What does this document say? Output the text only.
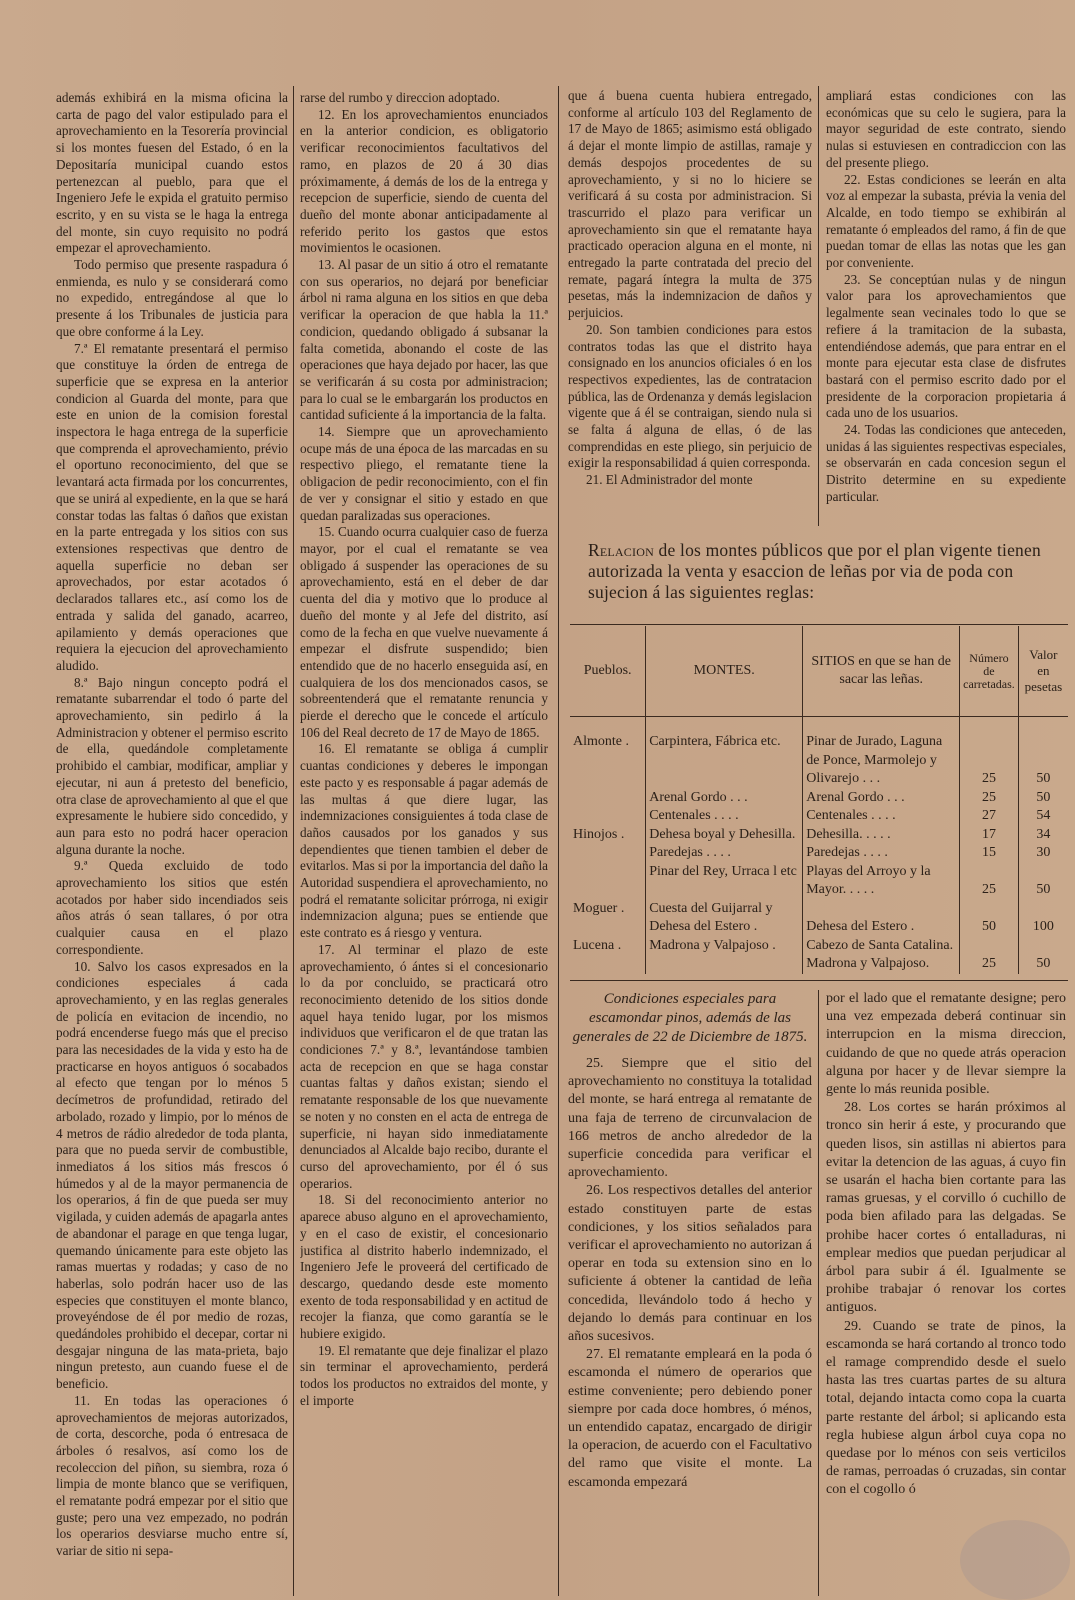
además exhibirá en la misma oficina la carta de pago del valor estipulado para el aprovechamiento en la Tesorería provincial si los montes fuesen del Estado, ó en la Depositaría municipal cuando estos pertenezcan al pueblo, para que el Ingeniero Jefe le expida el gratuito permiso escrito, y en su vista se le haga la entrega del monte, sin cuyo requisito no podrá empezar el aprovechamiento.

Todo permiso que presente raspadura ó enmienda, es nulo y se considerará como no expedido, entregándose al que lo presente á los Tribunales de justicia para que obre conforme á la Ley.

7.ª El rematante presentará el permiso que constituye la órden de entrega de superficie que se expresa en la anterior condicion al Guarda del monte, para que este en union de la comision forestal inspectora le haga entrega de la superficie que comprenda el aprovechamiento, prévio el oportuno reconocimiento, del que se levantará acta firmada por los concurrentes, que se unirá al expediente, en la que se hará constar todas las faltas ó daños que existan en la parte entregada y los sitios con sus extensiones respectivas que dentro de aquella superficie no deban ser aprovechados, por estar acotados ó declarados tallares etc., así como los de entrada y salida del ganado, acarreo, apilamiento y demás operaciones que requiera la ejecucion del aprovechamiento aludido.

8.ª Bajo ningun concepto podrá el rematante subarrendar el todo ó parte del aprovechamiento, sin pedirlo á la Administracion y obtener el permiso escrito de ella, quedándole completamente prohibido el cambiar, modificar, ampliar y ejecutar, ni aun á pretesto del beneficio, otra clase de aprovechamiento al que el que expresamente le hubiere sido concedido, y aun para esto no podrá hacer operacion alguna durante la noche.

9.ª Queda excluido de todo aprovechamiento los sitios que estén acotados por haber sido incendiados seis años atrás ó sean tallares, ó por otra cualquier causa en el plazo correspondiente.

10. Salvo los casos expresados en la condiciones especiales á cada aprovechamiento, y en las reglas generales de policía en evitacion de incendio, no podrá encenderse fuego más que el preciso para las necesidades de la vida y esto ha de practicarse en hoyos antiguos ó socabados al efecto que tengan por lo ménos 5 decímetros de profundidad, retirado del arbolado, rozado y limpio, por lo ménos de 4 metros de rádio alrededor de toda planta, para que no pueda servir de combustible, inmediatos á los sitios más frescos ó húmedos y al de la mayor permanencia de los operarios, á fin de que pueda ser muy vigilada, y cuiden además de apagarla antes de abandonar el parage en que tenga lugar, quemando únicamente para este objeto las ramas muertas y rodadas; y caso de no haberlas, solo podrán hacer uso de las especies que constituyen el monte blanco, proveyéndose de él por medio de rozas, quedándoles prohibido el decepar, cortar ni desgajar ninguna de las mata-prieta, bajo ningun pretesto, aun cuando fuese el de beneficio.

11. En todas las operaciones ó aprovechamientos de mejoras autorizados, de corta, descorche, poda ó entresaca de árboles ó resalvos, así como los de recoleccion del piñon, su siembra, roza ó limpia de monte blanco que se verifiquen, el rematante podrá empezar por el sitio que guste; pero una vez empezado, no podrán los operarios desviarse mucho entre sí, variar de sitio ni sepa-

rarse del rumbo y direccion adoptado.

12. En los aprovechamientos enunciados en la anterior condicion, es obligatorio verificar reconocimientos facultativos del ramo, en plazos de 20 á 30 dias próximamente, á demás de los de la entrega y recepcion de superficie, siendo de cuenta del dueño del monte abonar anticipadamente al referido perito los gastos que estos movimientos le ocasionen.

13. Al pasar de un sitio á otro el rematante con sus operarios, no dejará por beneficiar árbol ni rama alguna en los sitios en que deba verificar la operacion de que habla la 11.ª condicion, quedando obligado á subsanar la falta cometida, abonando el coste de las operaciones que haya dejado por hacer, las que se verificarán á su costa por administracion; para lo cual se le embargarán los productos en cantidad suficiente á la importancia de la falta.

14. Siempre que un aprovechamiento ocupe más de una época de las marcadas en su respectivo pliego, el rematante tiene la obligacion de pedir reconocimiento, con el fin de ver y consignar el sitio y estado en que quedan paralizadas sus operaciones.

15. Cuando ocurra cualquier caso de fuerza mayor, por el cual el rematante se vea obligado á suspender las operaciones de su aprovechamiento, está en el deber de dar cuenta del dia y motivo que lo produce al dueño del monte y al Jefe del distrito, así como de la fecha en que vuelve nuevamente á empezar el disfrute suspendido; bien entendido que de no hacerlo enseguida así, en cualquiera de los dos mencionados casos, se sobreentenderá que el rematante renuncia y pierde el derecho que le concede el artículo 106 del Real decreto de 17 de Mayo de 1865.

16. El rematante se obliga á cumplir cuantas condiciones y deberes le impongan este pacto y es responsable á pagar además de las multas á que diere lugar, las indemnizaciones consiguientes á toda clase de daños causados por los ganados y sus dependientes que tienen tambien el deber de evitarlos. Mas si por la importancia del daño la Autoridad suspendiera el aprovechamiento, no podrá el rematante solicitar prórroga, ni exigir indemnizacion alguna; pues se entiende que este contrato es á riesgo y ventura.

17. Al terminar el plazo de este aprovechamiento, ó ántes si el concesionario lo da por concluido, se practicará otro reconocimiento detenido de los sitios donde aquel haya tenido lugar, por los mismos individuos que verificaron el de que tratan las condiciones 7.ª y 8.ª, levantándose tambien acta de recepcion en que se haga constar cuantas faltas y daños existan; siendo el rematante responsable de los que nuevamente se noten y no consten en el acta de entrega de superficie, ni hayan sido inmediatamente denunciados al Alcalde bajo recibo, durante el curso del aprovechamiento, por él ó sus operarios.

18. Si del reconocimiento anterior no aparece abuso alguno en el aprovechamiento, y en el caso de existir, el concesionario justifica al distrito haberlo indemnizado, el Ingeniero Jefe le proveerá del certificado de descargo, quedando desde este momento exento de toda responsabilidad y en actitud de recojer la fianza, que como garantía se le hubiere exigido.

19. El rematante que deje finalizar el plazo sin terminar el aprovechamiento, perderá todos los productos no extraidos del monte, y el importe

que á buena cuenta hubiera entregado, conforme al artículo 103 del Reglamento de 17 de Mayo de 1865; asimismo está obligado á dejar el monte limpio de astillas, ramaje y demás despojos procedentes de su aprovechamiento, y si no lo hiciere se verificará á su costa por administracion. Si trascurrido el plazo para verificar un aprovechamiento sin que el rematante haya practicado operacion alguna en el monte, ni entregado la parte contratada del precio del remate, pagará íntegra la multa de 375 pesetas, más la indemnizacion de daños y perjuicios.

20. Son tambien condiciones para estos contratos todas las que el distrito haya consignado en los anuncios oficiales ó en los respectivos expedientes, las de contratacion pública, las de Ordenanza y demás legislacion vigente que á él se contraigan, siendo nula si se falta á alguna de ellas, ó de las comprendidas en este pliego, sin perjuicio de exigir la responsabilidad á quien corresponda.

21. El Administrador del monte

ampliará estas condiciones con las económicas que su celo le sugiera, para la mayor seguridad de este contrato, siendo nulas si estuviesen en contradiccion con las del presente pliego.

22. Estas condiciones se leerán en alta voz al empezar la subasta, prévia la venia del Alcalde, en todo tiempo se exhibirán al rematante ó empleados del ramo, á fin de que puedan tomar de ellas las notas que les gan por conveniente.

23. Se conceptúan nulas y de ningun valor para los aprovechamientos que legalmente sean vecinales todo lo que se refiere á la tramitacion de la subasta, entendiéndose además, que para entrar en el monte para ejecutar esta clase de disfrutes bastará con el permiso escrito dado por el presidente de la corporacion propietaria á cada uno de los usuarios.

24. Todas las condiciones que anteceden, unidas á las siguientes respectivas especiales, se observarán en cada concesion segun el Distrito determine en su expediente particular.

Relacion de los montes públicos que por el plan vigente tienen autorizada la venta y esaccion de leñas por via de poda con sujecion á las siguientes reglas:
Pueblos.	MONTES.	SITIOS en que se han de sacar las leñas.	Número de carretadas.	Valor en pesetas
Almonte .	Carpintera, Fábrica etc.	Pinar de Jurado, Laguna de Ponce, Marmolejo y Olivarejo . . .	25	50
	Arenal Gordo . . .	Arenal Gordo . . .	25	50
	Centenales . . . .	Centenales . . . .	27	54
Hinojos .	Dehesa boyal y Dehesilla.	Dehesilla. . . . .	17	34
	Paredejas . . . .	Paredejas . . . .	15	30
	Pinar del Rey, Urraca l etc	Playas del Arroyo y la Mayor. . . . .	25	50
Moguer .	Cuesta del Guijarral y Dehesa del Estero .	Dehesa del Estero .	50	100
Lucena .	Madrona y Valpajoso .	Cabezo de Santa Catalina. Madrona y Valpajoso.	25	50

Condiciones especiales para escamondar pinos, además de las generales de 22 de Diciembre de 1875.

25. Siempre que el sitio del aprovechamiento no constituya la totalidad del monte, se hará entrega al rematante de una faja de terreno de circunvalacion de 166 metros de ancho alrededor de la superficie concedida para verificar el aprovechamiento.

26. Los respectivos detalles del anterior estado constituyen parte de estas condiciones, y los sitios señalados para verificar el aprovechamiento no autorizan á operar en toda su extension sino en lo suficiente á obtener la cantidad de leña concedida, llevándolo todo á hecho y dejando lo demás para continuar en los años sucesivos.

27. El rematante empleará en la poda ó escamonda el número de operarios que estime conveniente; pero debiendo poner siempre por cada doce hombres, ó ménos, un entendido capataz, encargado de dirigir la operacion, de acuerdo con el Facultativo del ramo que visite el monte. La escamonda empezará

por el lado que el rematante designe; pero una vez empezada deberá continuar sin interrupcion en la misma direccion, cuidando de que no quede atrás operacion alguna por hacer y de llevar siempre la gente lo más reunida posible.

28. Los cortes se harán próximos al tronco sin herir á este, y procurando que queden lisos, sin astillas ni abiertos para evitar la detencion de las aguas, á cuyo fin se usarán el hacha bien cortante para las ramas gruesas, y el corvillo ó cuchillo de poda bien afilado para las delgadas. Se prohibe hacer cortes ó entalladuras, ni emplear medios que puedan perjudicar al árbol para subir á él. Igualmente se prohibe trabajar ó renovar los cortes antiguos.

29. Cuando se trate de pinos, la escamonda se hará cortando al tronco todo el ramage comprendido desde el suelo hasta las tres cuartas partes de su altura total, dejando intacta como copa la cuarta parte restante del árbol; si aplicando esta regla hubiese algun árbol cuya copa no quedase por lo ménos con seis verticilos de ramas, perroadas ó cruzadas, sin contar con el cogollo ó
